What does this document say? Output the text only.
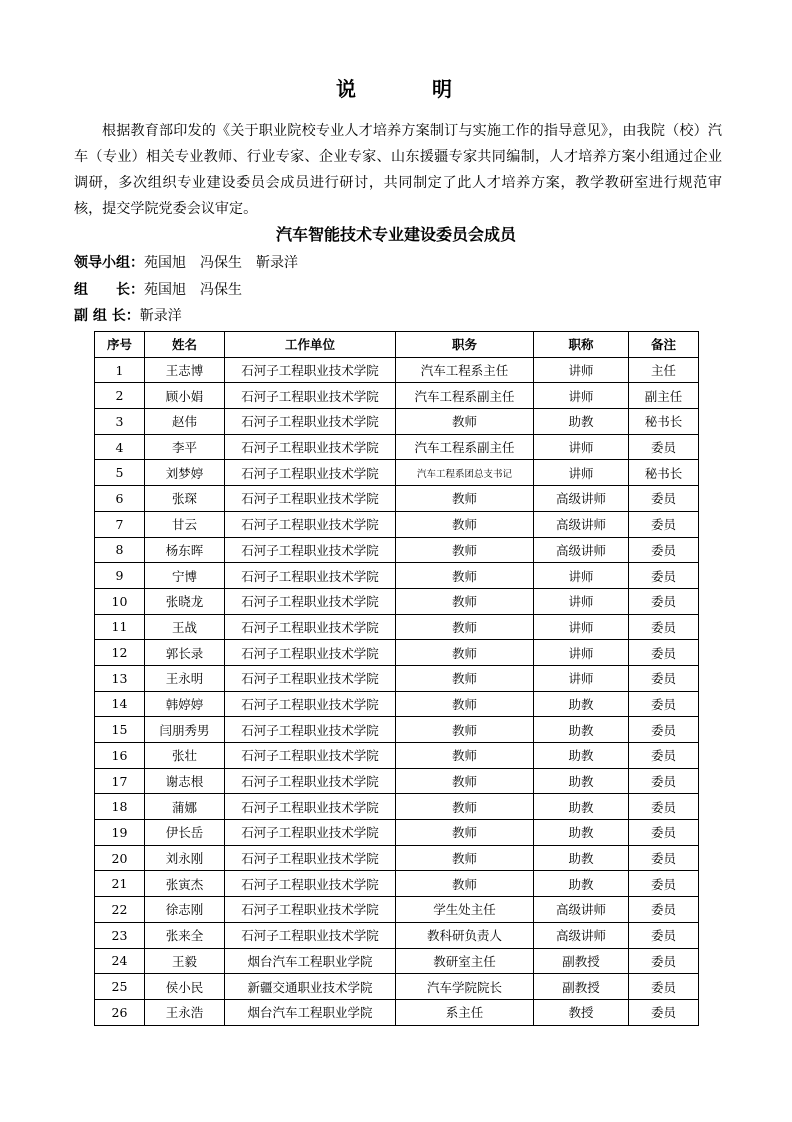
说　明

根据教育部印发的《关于职业院校专业人才培养方案制订与实施工作的指导意见》，由我院（校）汽车（专业）相关专业教师、行业专家、企业专家、山东援疆专家共同编制，人才培养方案小组通过企业调研，多次组织专业建设委员会成员进行研讨，共同制定了此人才培养方案，教学教研室进行规范审核，提交学院党委会议审定。

汽车智能技术专业建设委员会成员
领导小组：苑国旭　冯保生　靳录洋
组　　长：苑国旭　冯保生
副 组 长：靳录洋
序号	姓名	工作单位	职务	职称	备注
1	王志博	石河子工程职业技术学院	汽车工程系主任	讲师	主任
2	顾小娟	石河子工程职业技术学院	汽车工程系副主任	讲师	副主任
3	赵伟	石河子工程职业技术学院	教师	助教	秘书长
4	李平	石河子工程职业技术学院	汽车工程系副主任	讲师	委员
5	刘梦婷	石河子工程职业技术学院	汽车工程系团总支书记	讲师	秘书长
6	张琛	石河子工程职业技术学院	教师	高级讲师	委员
7	甘云	石河子工程职业技术学院	教师	高级讲师	委员
8	杨东晖	石河子工程职业技术学院	教师	高级讲师	委员
9	宁博	石河子工程职业技术学院	教师	讲师	委员
10	张晓龙	石河子工程职业技术学院	教师	讲师	委员
11	王战	石河子工程职业技术学院	教师	讲师	委员
12	郭长录	石河子工程职业技术学院	教师	讲师	委员
13	王永明	石河子工程职业技术学院	教师	讲师	委员
14	韩婷婷	石河子工程职业技术学院	教师	助教	委员
15	闫朋秀男	石河子工程职业技术学院	教师	助教	委员
16	张壮	石河子工程职业技术学院	教师	助教	委员
17	谢志根	石河子工程职业技术学院	教师	助教	委员
18	蒲娜	石河子工程职业技术学院	教师	助教	委员
19	伊长岳	石河子工程职业技术学院	教师	助教	委员
20	刘永刚	石河子工程职业技术学院	教师	助教	委员
21	张寅杰	石河子工程职业技术学院	教师	助教	委员
22	徐志刚	石河子工程职业技术学院	学生处主任	高级讲师	委员
23	张来全	石河子工程职业技术学院	教科研负责人	高级讲师	委员
24	王毅	烟台汽车工程职业学院	教研室主任	副教授	委员
25	侯小民	新疆交通职业技术学院	汽车学院院长	副教授	委员
26	王永浩	烟台汽车工程职业学院	系主任	教授	委员
